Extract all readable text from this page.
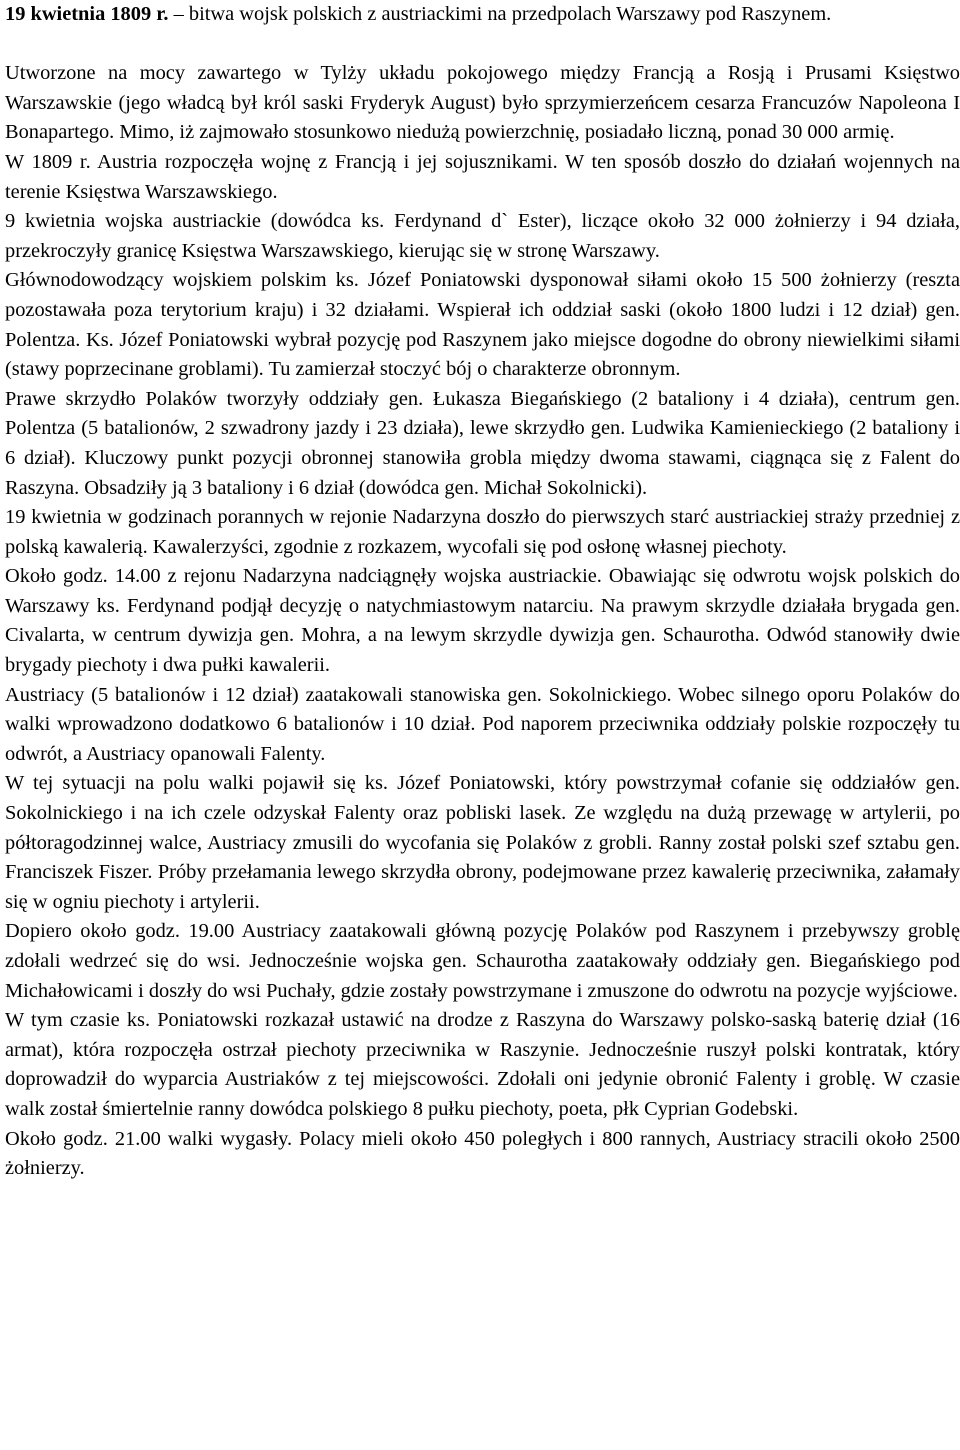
19 kwietnia 1809 r. – bitwa wojsk polskich z austriackimi na przedpolach Warszawy pod Raszynem.

Utworzone na mocy zawartego w Tylży układu pokojowego między Francją a Rosją i Prusami Księstwo Warszawskie (jego władcą był król saski Fryderyk August) było sprzymierzeńcem cesarza Francuzów Napoleona I Bonapartego. Mimo, iż zajmowało stosunkowo niedużą powierzchnię, posiadało liczną, ponad 30 000 armię.

W 1809 r. Austria rozpoczęła wojnę z Francją i jej sojusznikami. W ten sposób doszło do działań wojennych na terenie Księstwa Warszawskiego.

9 kwietnia wojska austriackie (dowódca ks. Ferdynand d` Ester), liczące około 32 000 żołnierzy i 94 działa, przekroczyły granicę Księstwa Warszawskiego, kierując się w stronę Warszawy.

Głównodowodzący wojskiem polskim ks. Józef Poniatowski dysponował siłami około 15 500 żołnierzy (reszta pozostawała poza terytorium kraju) i 32 działami. Wspierał ich oddział saski (około 1800 ludzi i 12 dział) gen. Polentza. Ks. Józef Poniatowski wybrał pozycję pod Raszynem jako miejsce dogodne do obrony niewielkimi siłami (stawy poprzecinane groblami). Tu zamierzał stoczyć bój o charakterze obronnym.

Prawe skrzydło Polaków tworzyły oddziały gen. Łukasza Biegańskiego (2 bataliony i 4 działa), centrum gen. Polentza (5 batalionów, 2 szwadrony jazdy i 23 działa), lewe skrzydło gen. Ludwika Kamienieckiego (2 bataliony i 6 dział). Kluczowy punkt pozycji obronnej stanowiła grobla między dwoma stawami, ciągnąca się z Falent do Raszyna. Obsadziły ją 3 bataliony i 6 dział (dowódca gen. Michał Sokolnicki).

19 kwietnia w godzinach porannych w rejonie Nadarzyna doszło do pierwszych starć austriackiej straży przedniej z polską kawalerią. Kawalerzyści, zgodnie z rozkazem, wycofali się pod osłonę własnej piechoty.

Około godz. 14.00 z rejonu Nadarzyna nadciągnęły wojska austriackie. Obawiając się odwrotu wojsk polskich do Warszawy ks. Ferdynand podjął decyzję o natychmiastowym natarciu. Na prawym skrzydle działała brygada gen. Civalarta, w centrum dywizja gen. Mohra, a na lewym skrzydle dywizja gen. Schaurotha. Odwód stanowiły dwie brygady piechoty i dwa pułki kawalerii.

Austriacy (5 batalionów i 12 dział) zaatakowali stanowiska gen. Sokolnickiego. Wobec silnego oporu Polaków do walki wprowadzono dodatkowo 6 batalionów i 10 dział. Pod naporem przeciwnika oddziały polskie rozpoczęły tu odwrót, a Austriacy opanowali Falenty.

W tej sytuacji na polu walki pojawił się ks. Józef Poniatowski, który powstrzymał cofanie się oddziałów gen. Sokolnickiego i na ich czele odzyskał Falenty oraz pobliski lasek. Ze względu na dużą przewagę w artylerii, po półtoragodzinnej walce, Austriacy zmusili do wycofania się Polaków z grobli. Ranny został polski szef sztabu gen. Franciszek Fiszer. Próby przełamania lewego skrzydła obrony, podejmowane przez kawalerię przeciwnika, załamały się w ogniu piechoty i artylerii.

Dopiero około godz. 19.00 Austriacy zaatakowali główną pozycję Polaków pod Raszynem i przebywszy groblę zdołali wedrzeć się do wsi. Jednocześnie wojska gen. Schaurotha zaatakowały oddziały gen. Biegańskiego pod Michałowicami i doszły do wsi Puchały, gdzie zostały powstrzymane i zmuszone do odwrotu na pozycje wyjściowe.

W tym czasie ks. Poniatowski rozkazał ustawić na drodze z Raszyna do Warszawy polsko-saską baterię dział (16 armat), która rozpoczęła ostrzał piechoty przeciwnika w Raszynie. Jednocześnie ruszył polski kontratak, który doprowadził do wyparcia Austriaków z tej miejscowości. Zdołali oni jedynie obronić Falenty i groblę. W czasie walk został śmiertelnie ranny dowódca polskiego 8 pułku piechoty, poeta, płk Cyprian Godebski.

Około godz. 21.00 walki wygasły. Polacy mieli około 450 poległych i 800 rannych, Austriacy stracili około 2500 żołnierzy.
